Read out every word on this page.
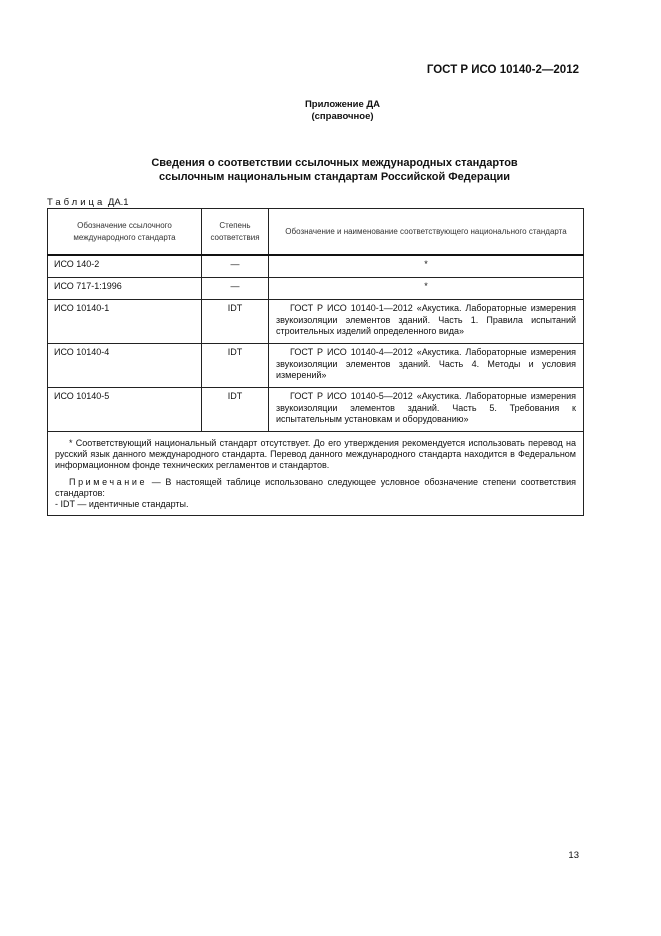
ГОСТ Р ИСО 10140-2—2012
Приложение ДА
(справочное)
Сведения о соответствии ссылочных международных стандартов
ссылочным национальным стандартам Российской Федерации
Таблица ДА.1
Обозначение ссылочного международного стандарта	Степень соответствия	Обозначение и наименование соответствующего национального стандарта
ИСО 140-2	—	*
ИСО 717-1:1996	—	*
ИСО 10140-1	IDT	ГОСТ Р ИСО 10140-1—2012 «Акустика. Лабораторные измерения звукоизоляции элементов зданий. Часть 1. Правила испытаний строительных изделий определенного вида»
ИСО 10140-4	IDT	ГОСТ Р ИСО 10140-4—2012 «Акустика. Лабораторные измерения звукоизоляции элементов зданий. Часть 4. Методы и условия измерений»
ИСО 10140-5	IDT	ГОСТ Р ИСО 10140-5—2012 «Акустика. Лабораторные измерения звукоизоляции элементов зданий. Часть 5. Требования к испытательным установкам и оборудованию»

* Соответствующий национальный стандарт отсутствует. До его утверждения рекомендуется использовать перевод на русский язык данного международного стандарта. Перевод данного международного стандарта находится в Федеральном информационном фонде технических регламентов и стандартов.

Примечание — В настоящей таблице использовано следующее условное обозначение степени соответствия стандартов:
- IDT — идентичные стандарты.		

13
